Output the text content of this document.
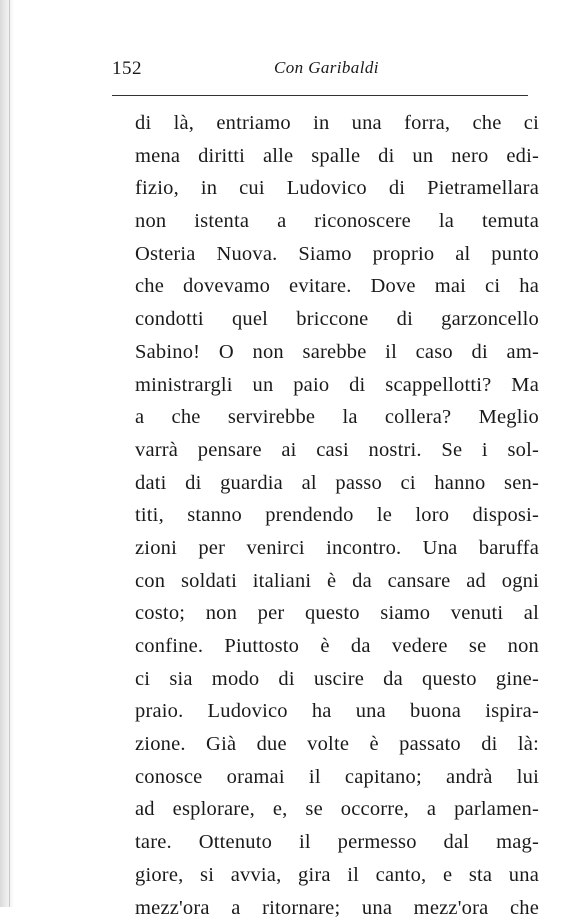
152	Con Garibaldi
di là, entriamo in una forra, che ci
mena diritti alle spalle di un nero edi-
fizio, in cui Ludovico di Pietramellara
non istenta a riconoscere la temuta
Osteria Nuova. Siamo proprio al punto
che dovevamo evitare. Dove mai ci ha
condotti quel briccone di garzoncello
Sabino! O non sarebbe il caso di am-
ministrargli un paio di scappellotti? Ma
a che servirebbe la collera? Meglio
varrà pensare ai casi nostri. Se i sol-
dati di guardia al passo ci hanno sen-
titi, stanno prendendo le loro disposi-
zioni per venirci incontro. Una baruffa
con soldati italiani è da cansare ad ogni
costo; non per questo siamo venuti al
confine. Piuttosto è da vedere se non
ci sia modo di uscire da questo gine-
praio. Ludovico ha una buona ispira-
zione. Già due volte è passato di là:
conosce oramai il capitano; andrà lui
ad esplorare, e, se occorre, a parlamen-
tare. Ottenuto il permesso dal mag-
giore, si avvia, gira il canto, e sta una
mezz'ora a ritornare; una mezz'ora che
